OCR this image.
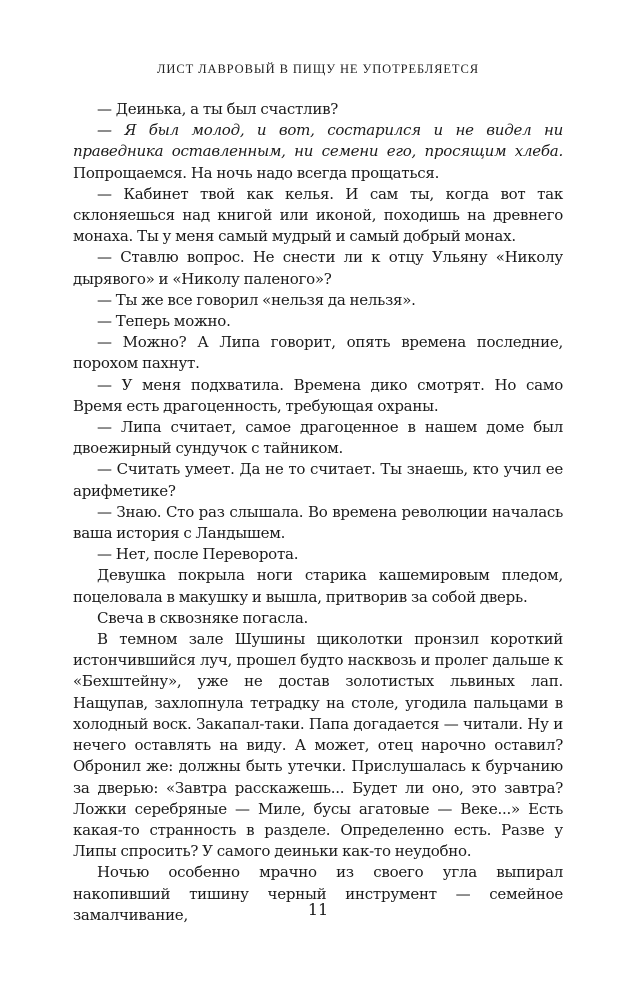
ЛИСТ ЛАВРОВЫЙ В ПИЩУ НЕ УПОТРЕБЛЯЕТСЯ

— Деинька, а ты был счастлив?

— Я был молод, и вот, состарился и не видел ни праведника оставленным, ни семени его, просящим хлеба. Попрощаемся. На ночь надо всегда прощаться.

— Кабинет твой как келья. И сам ты, когда вот так склоняешься над книгой или иконой, походишь на древнего монаха. Ты у меня самый мудрый и самый добрый монах.

— Ставлю вопрос. Не снести ли к отцу Ульяну «Николу дырявого» и «Николу паленого»?

— Ты же все говорил «нельзя да нельзя».

— Теперь можно.

— Можно? А Липа говорит, опять времена последние, порохом пахнут.

— У меня подхватила. Времена дико смотрят. Но само Время есть драгоценность, требующая охраны.

— Липа считает, самое драгоценное в нашем доме был двоежирный сундучок с тайником.

— Считать умеет. Да не то считает. Ты знаешь, кто учил ее арифметике?

— Знаю. Сто раз слышала. Во времена революции началась ваша история с Ландышем.

— Нет, после Переворота.

Девушка покрыла ноги старика кашемировым пледом, поцеловала в макушку и вышла, притворив за собой дверь.

Свеча в сквозняке погасла.

В темном зале Шушины щиколотки пронзил короткий истончившийся луч, прошел будто насквозь и пролег дальше к «Бехштейну», уже не достав золотистых львиных лап. Нащупав, захлопнула тетрадку на столе, угодила пальцами в холодный воск. Закапал-таки. Папа догадается — читали. Ну и нечего оставлять на виду. А может, отец нарочно оставил? Обронил же: должны быть утечки. Прислушалась к бурчанию за дверью: «Завтра расскажешь... Будет ли оно, это завтра? Ложки серебряные — Миле, бусы агатовые — Веке...» Есть какая-то странность в разделе. Определенно есть. Разве у Липы спросить? У самого деиньки как-то неудобно.

Ночью особенно мрачно из своего угла выпирал накопивший тишину черный инструмент — семейное замалчивание,	11
